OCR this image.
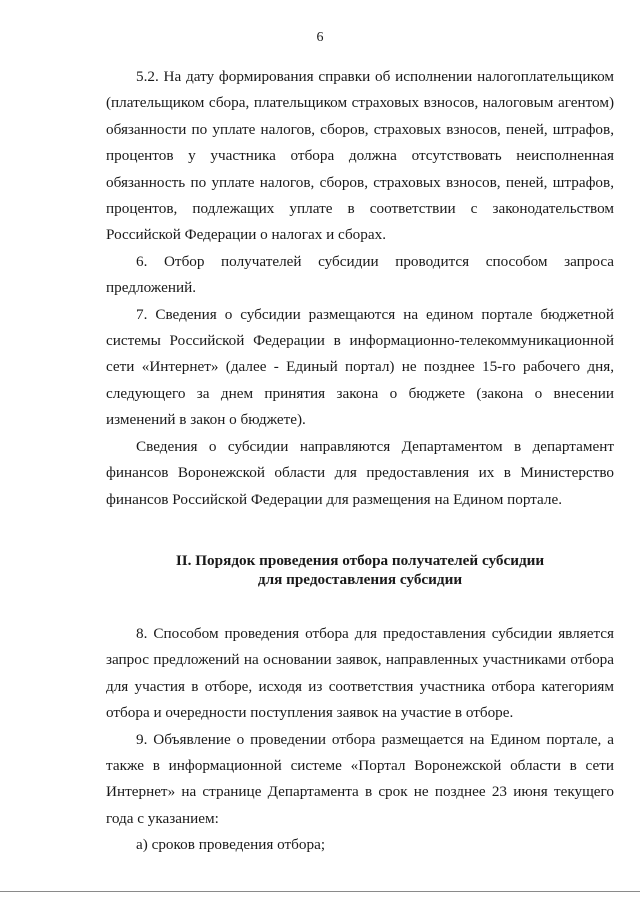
6

5.2. На дату формирования справки об исполнении налогоплательщиком (плательщиком сбора, плательщиком страховых взносов, налоговым агентом) обязанности по уплате налогов, сборов, страховых взносов, пеней, штрафов, процентов у участника отбора должна отсутствовать неисполненная обязанность по уплате налогов, сборов, страховых взносов, пеней, штрафов, процентов, подлежащих уплате в соответствии с законодательством Российской Федерации о налогах и сборах.

6. Отбор получателей субсидии проводится способом запроса предложений.

7. Сведения о субсидии размещаются на едином портале бюджетной системы Российской Федерации в информационно-телекоммуникационной сети «Интернет» (далее - Единый портал) не позднее 15-го рабочего дня, следующего за днем принятия закона о бюджете (закона о внесении изменений в закон о бюджете).

Сведения о субсидии направляются Департаментом в департамент финансов Воронежской области для предоставления их в Министерство финансов Российской Федерации для размещения на Едином портале.

II. Порядок проведения отбора получателей субсидии
для предоставления субсидии

8. Способом проведения отбора для предоставления субсидии является запрос предложений на основании заявок, направленных участниками отбора для участия в отборе, исходя из соответствия участника отбора категориям отбора и очередности поступления заявок на участие в отборе.

9. Объявление о проведении отбора размещается на Едином портале, а также в информационной системе «Портал Воронежской области в сети Интернет» на странице Департамента в срок не позднее 23 июня текущего года с указанием:

а) сроков проведения отбора;
